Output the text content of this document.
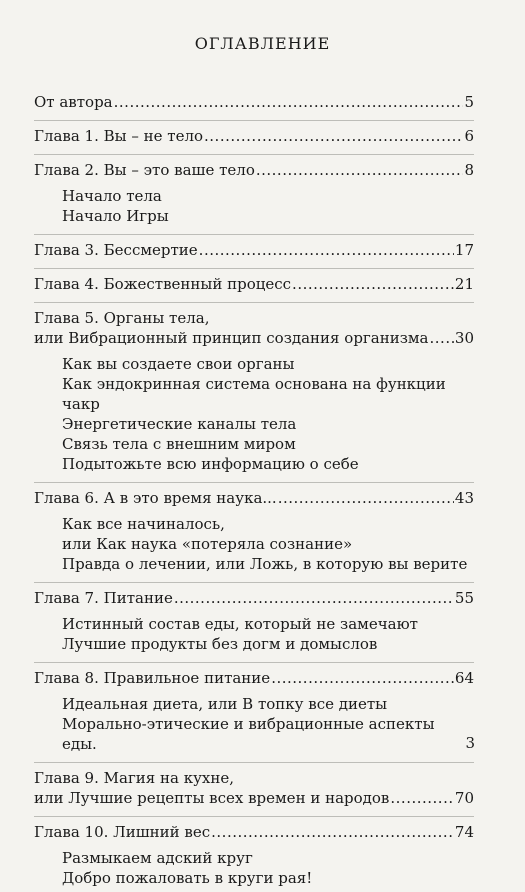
ОГЛАВЛЕНИЕ
От автора .....	5
Глава 1. Вы – не тело .....	6
Глава 2. Вы – это ваше тело .....	8
Начало тела
Начало Игры
Глава 3. Бессмертие .....	17
Глава 4. Божественный процесс .....	21
Глава 5. Органы тела,
или Вибрационный принцип создания организма ..... 30
Как вы создаете свои органы
Как эндокринная система основана на функции чакр
Энергетические каналы тела
Связь тела с внешним миром
Подытожьте всю информацию о себе
Глава 6. А в это время наука... .....	43
Как все начиналось,
или Как наука «потеряла сознание»
Правда о лечении, или Ложь, в которую вы верите
Глава 7. Питание .....	55
Истинный состав еды, который не замечают
Лучшие продукты без догм и домыслов
Глава 8. Правильное питание .....	64
Идеальная диета, или В топку все диеты
Морально-этические и вибрационные аспекты еды.
Глава 9. Магия на кухне,
или Лучшие рецепты всех времен и народов .....	70
Глава 10. Лишний вес .....	74
Размыкаем адский круг
Добро пожаловать в круги рая!
3
